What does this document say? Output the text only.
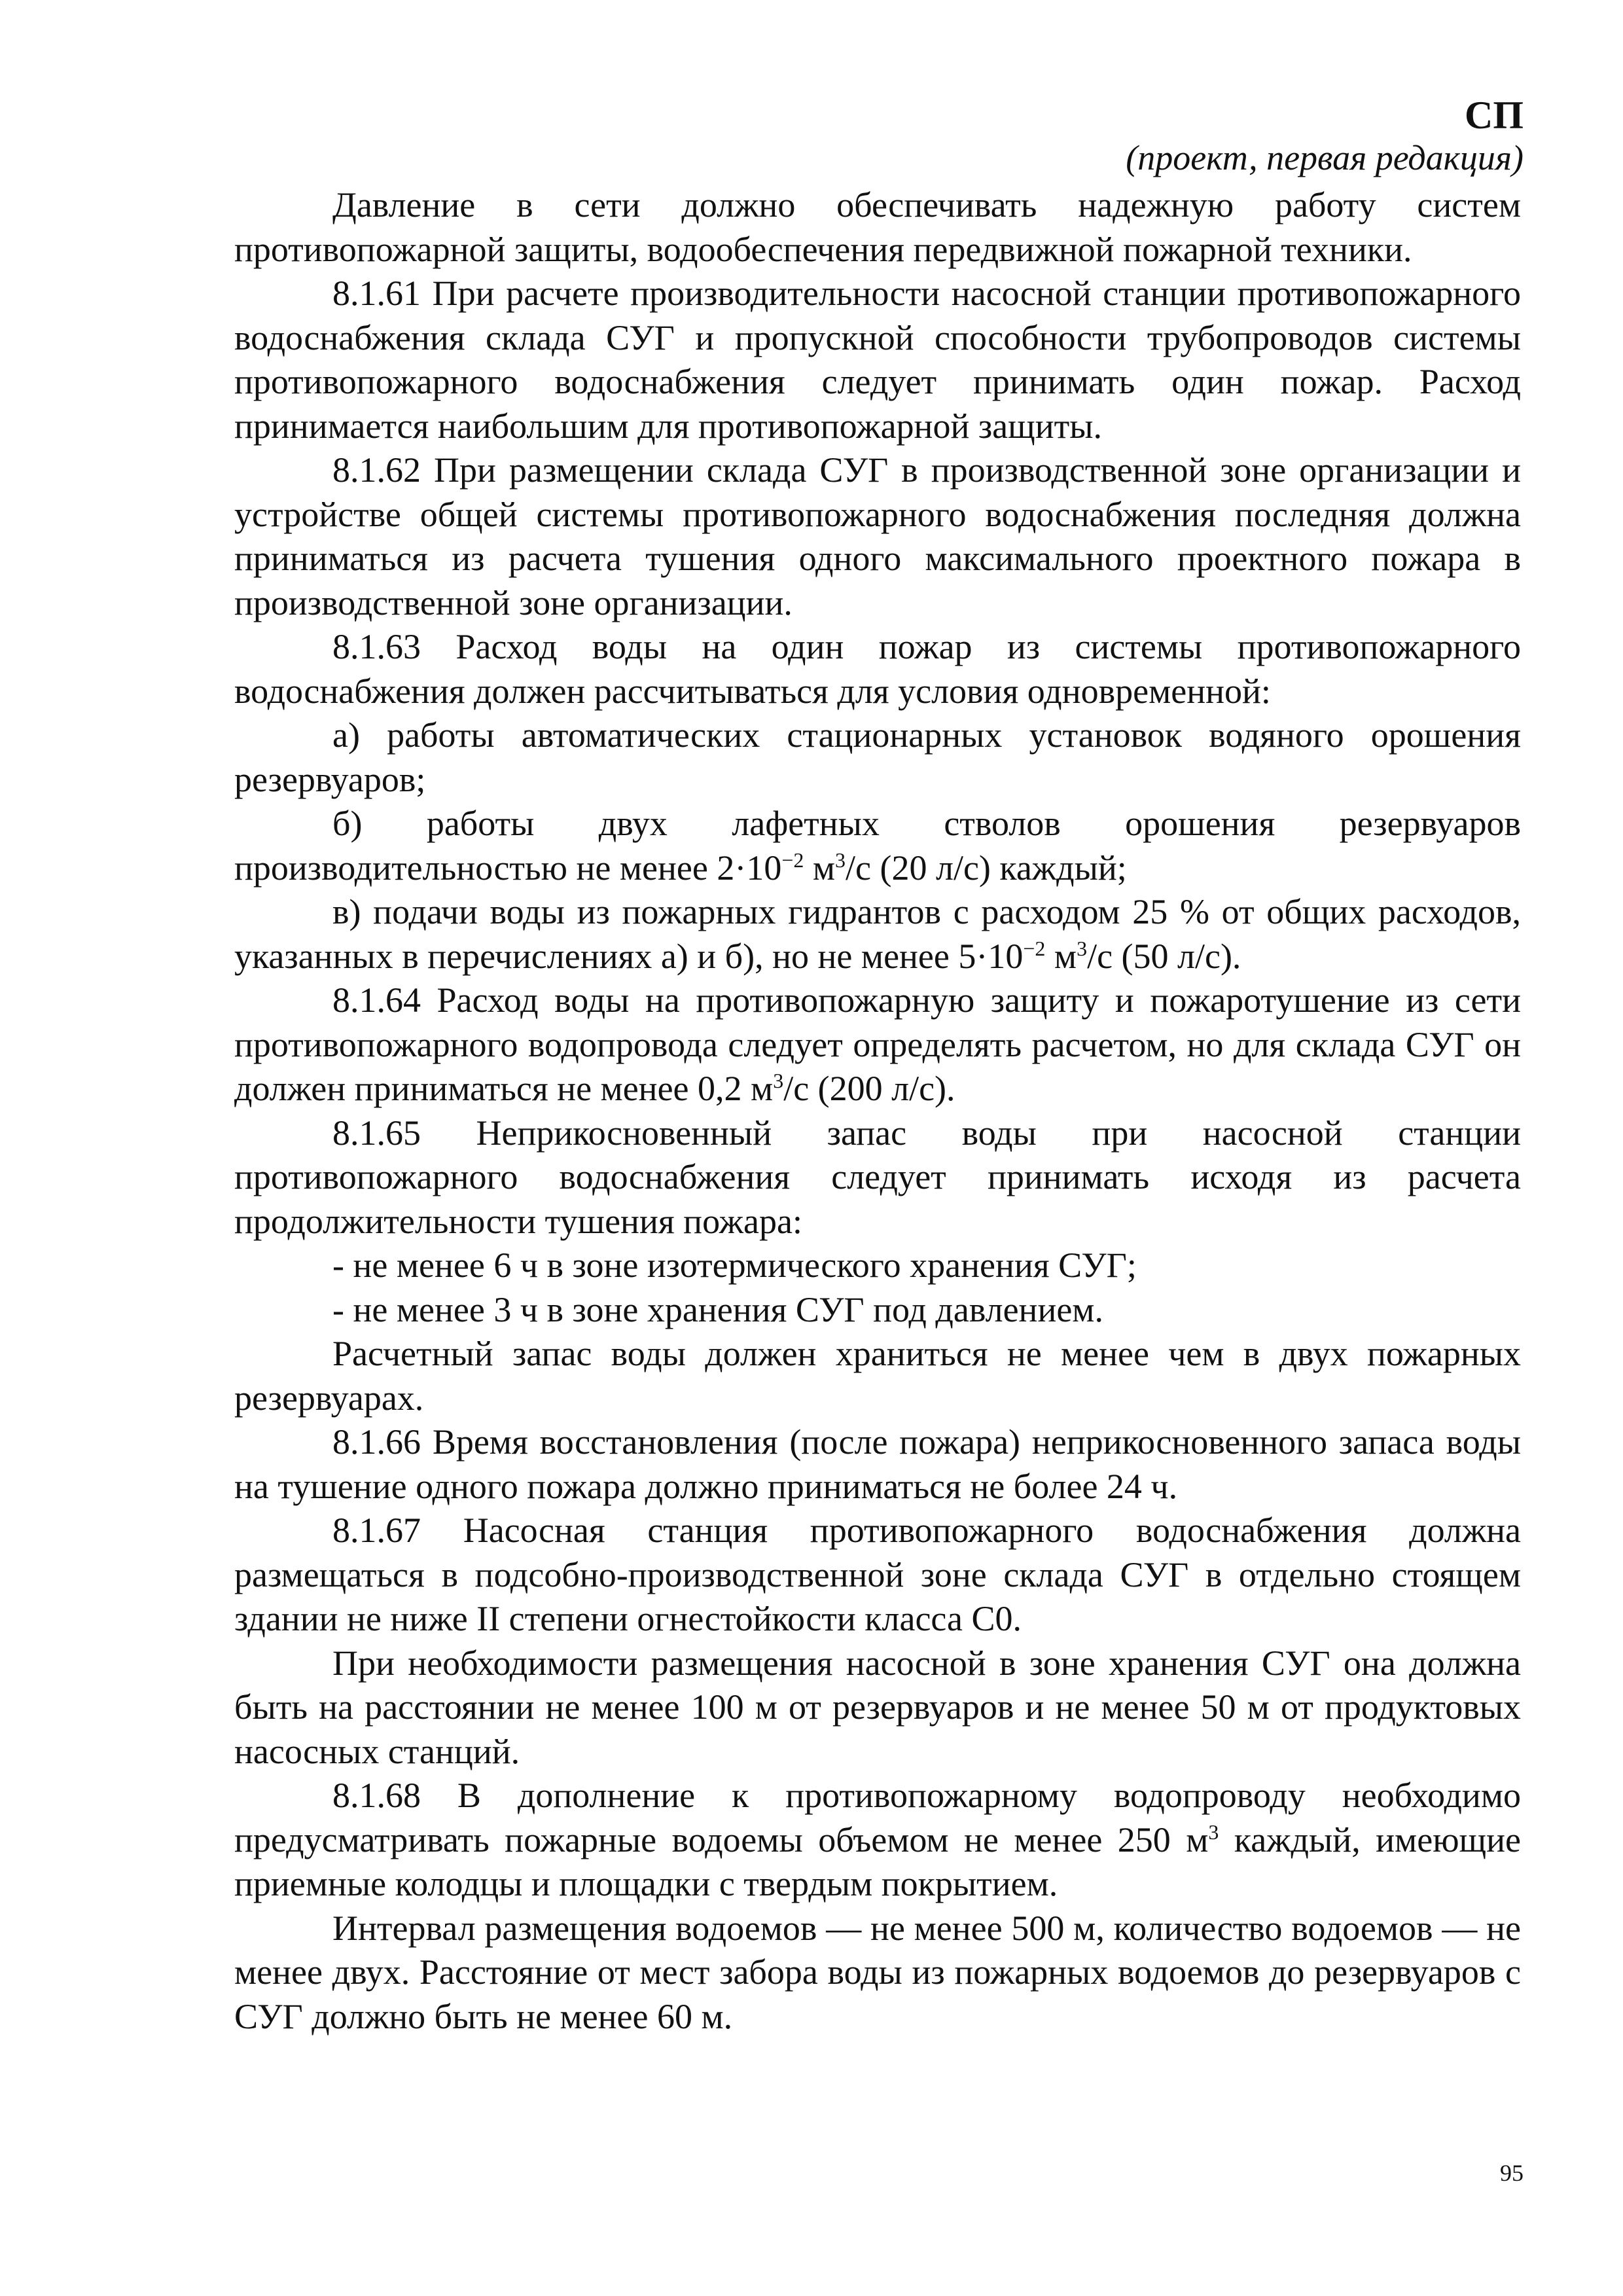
СП
(проект, первая редакция)

Давление в сети должно обеспечивать надежную работу систем противопожарной защиты, водообеспечения передвижной пожарной техники.

8.1.61 При расчете производительности насосной станции противопожарного водоснабжения склада СУГ и пропускной способности трубопроводов системы противопожарного водоснабжения следует принимать один пожар. Расход принимается наибольшим для противопожарной защиты.

8.1.62 При размещении склада СУГ в производственной зоне организации и устройстве общей системы противопожарного водоснабжения последняя должна приниматься из расчета тушения одного максимального проектного пожара в производственной зоне организации.

8.1.63 Расход воды на один пожар из системы противопожарного водоснабжения должен рассчитываться для условия одновременной:

а) работы автоматических стационарных установок водяного орошения резервуаров;

б) работы двух лафетных стволов орошения резервуаров производительностью не менее $2\cdot 10^{-2}$ $м^3/с$ (20 л/с) каждый;

в) подачи воды из пожарных гидрантов с расходом 25 % от общих расходов, указанных в перечислениях а) и б), но не менее $5\cdot 10^{-2}$ $м^3/с$ (50 л/с).

8.1.64 Расход воды на противопожарную защиту и пожаротушение из сети противопожарного водопровода следует определять расчетом, но для склада СУГ он должен приниматься не менее 0,2 $м^3/с$ (200 л/с).

8.1.65 Неприкосновенный запас воды при насосной станции противопожарного водоснабжения следует принимать исходя из расчета продолжительности тушения пожара:

- не менее 6 ч в зоне изотермического хранения СУГ;

- не менее 3 ч в зоне хранения СУГ под давлением.

Расчетный запас воды должен храниться не менее чем в двух пожарных резервуарах.

8.1.66 Время восстановления (после пожара) неприкосновенного запаса воды на тушение одного пожара должно приниматься не более 24 ч.

8.1.67 Насосная станция противопожарного водоснабжения должна размещаться в подсобно-производственной зоне склада СУГ в отдельно стоящем здании не ниже II степени огнестойкости класса С0.

При необходимости размещения насосной в зоне хранения СУГ она должна быть на расстоянии не менее 100 м от резервуаров и не менее 50 м от продуктовых насосных станций.

8.1.68 В дополнение к противопожарному водопроводу необходимо предусматривать пожарные водоемы объемом не менее 250 $м^3$ каждый, имеющие приемные колодцы и площадки с твердым покрытием.

Интервал размещения водоемов — не менее 500 м, количество водоемов — не менее двух. Расстояние от мест забора воды из пожарных водоемов до резервуаров с СУГ должно быть не менее 60 м.

95
